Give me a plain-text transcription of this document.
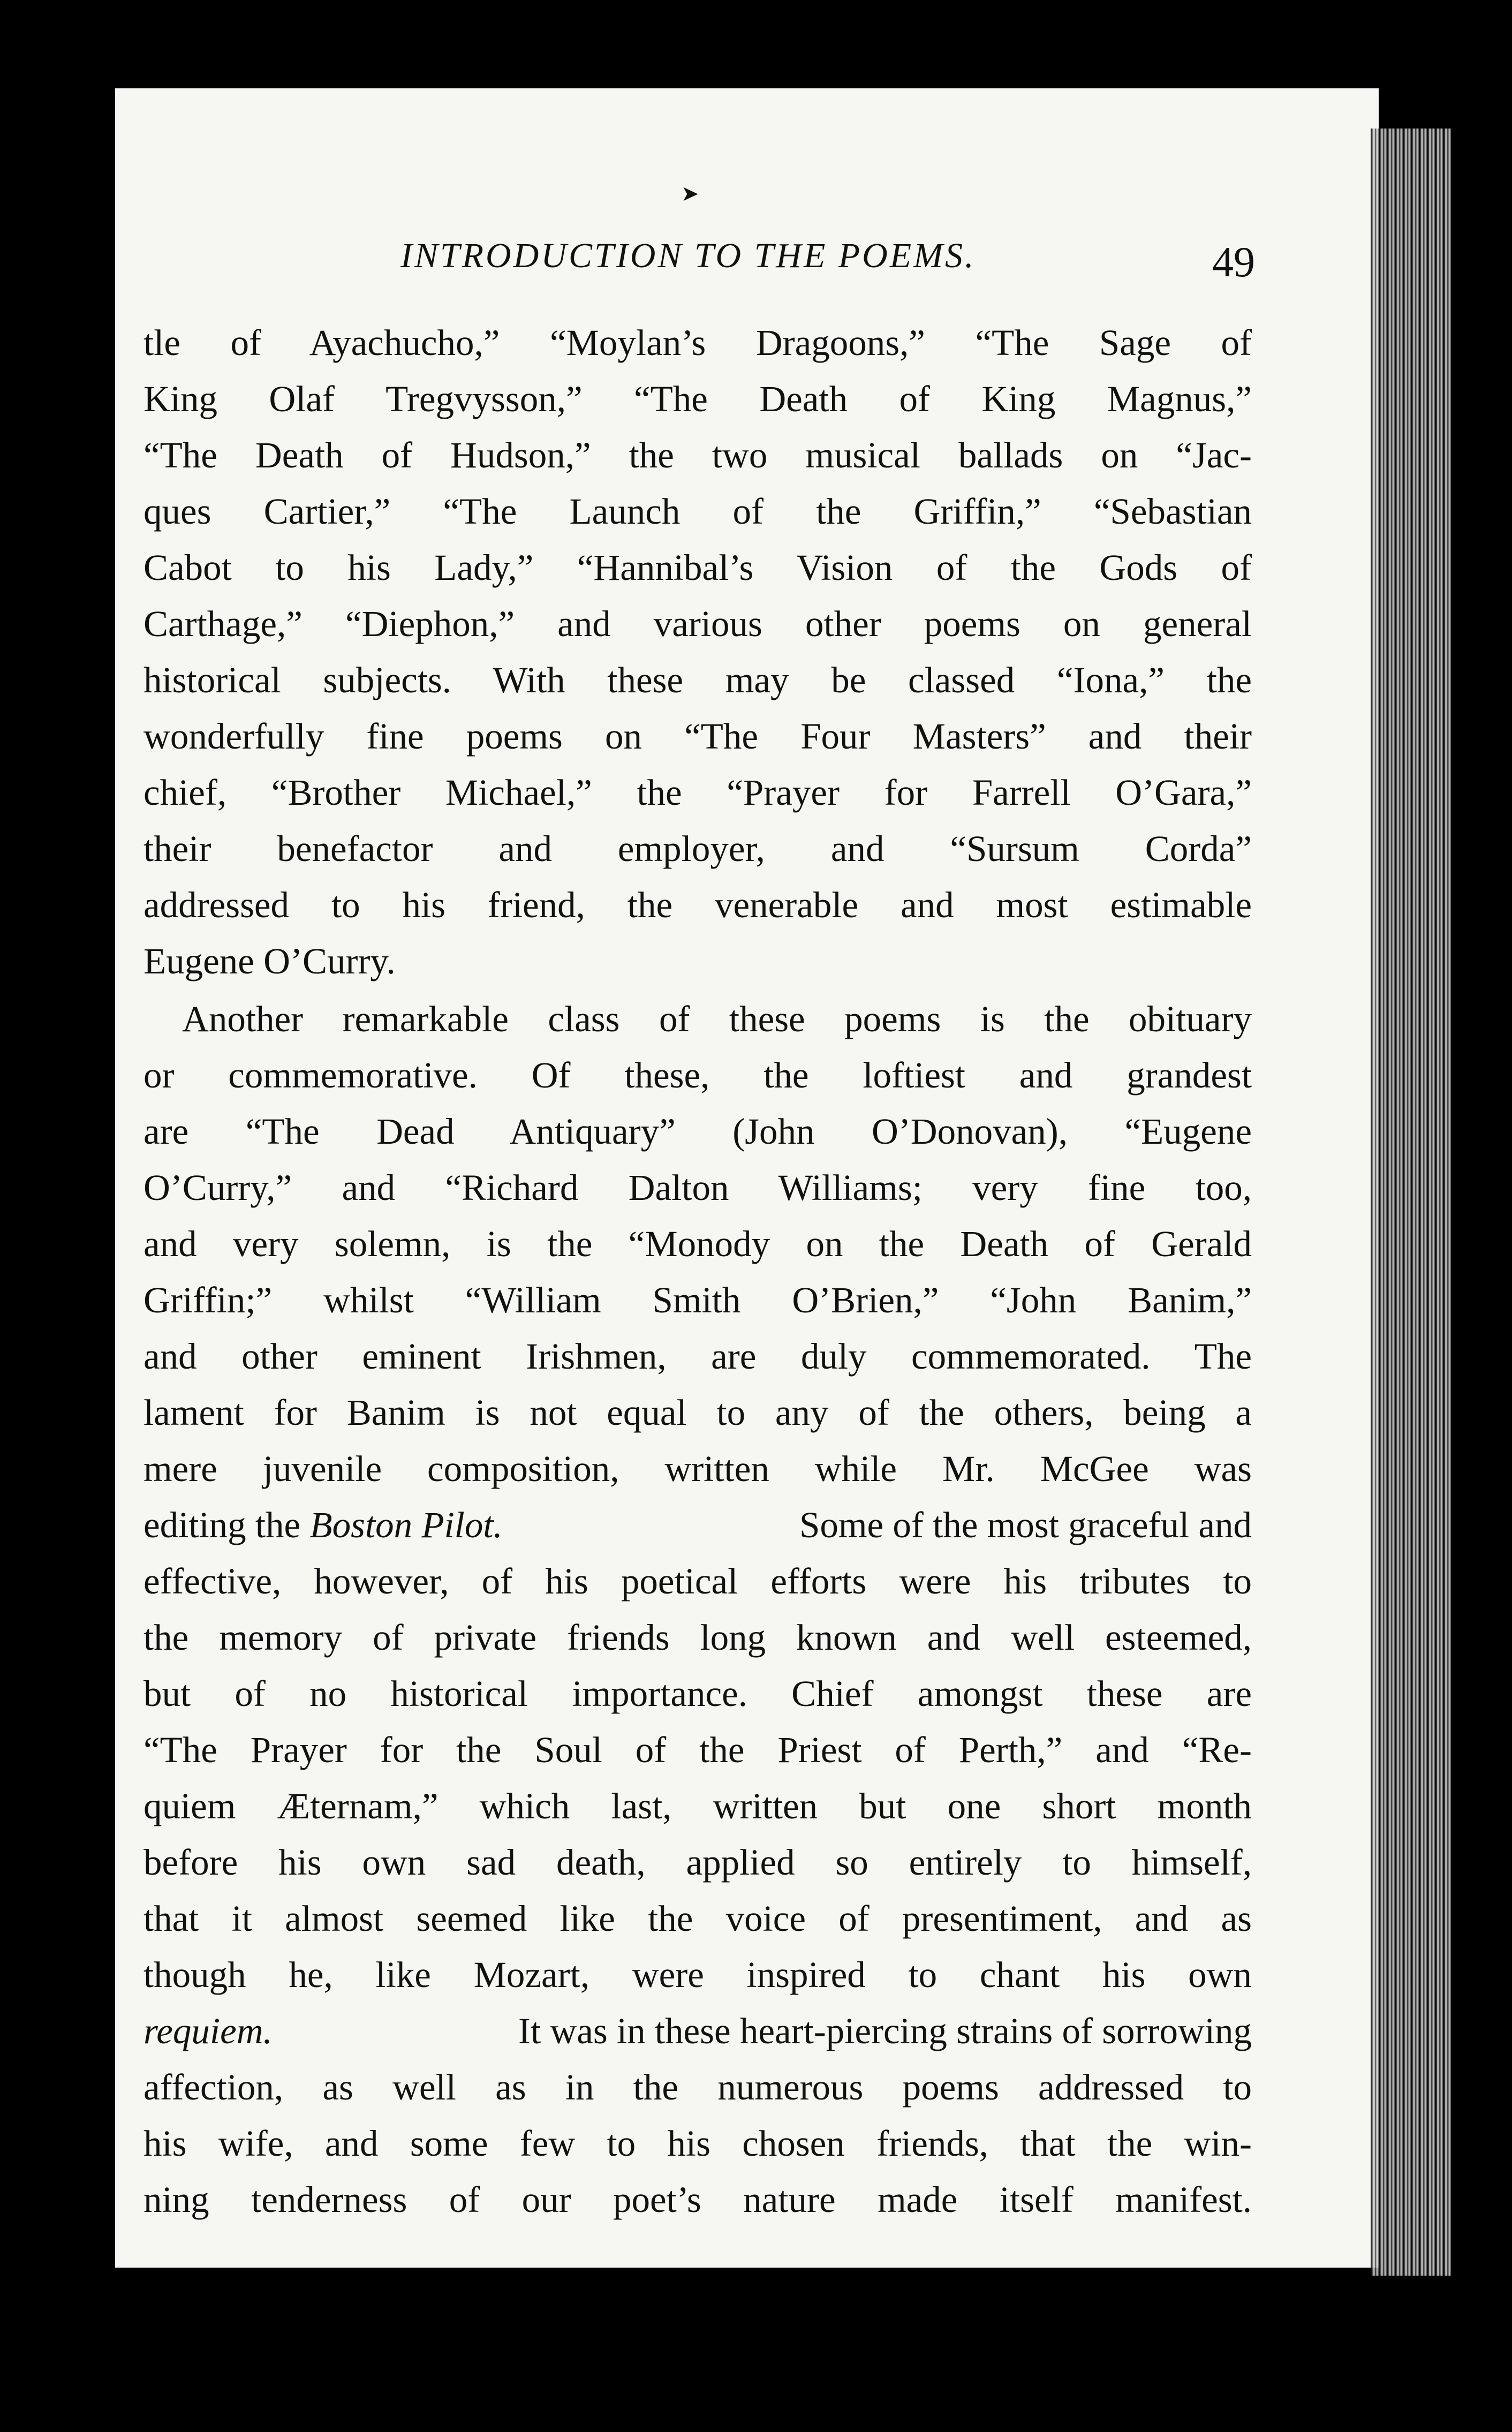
➤
INTRODUCTION TO THE POEMS.	49
tle of Ayachucho,” “Moylan’s Dragoons,” “The Sage of
King Olaf Tregvysson,” “The Death of King Magnus,”
“The Death of Hudson,” the two musical ballads on “Jac-
ques Cartier,” “The Launch of the Griffin,” “Sebastian
Cabot to his Lady,” “Hannibal’s Vision of the Gods of
Carthage,” “Diephon,” and various other poems on general
historical subjects. With these may be classed “Iona,” the
wonderfully fine poems on “The Four Masters” and their
chief, “Brother Michael,” the “Prayer for Farrell O’Gara,”
their benefactor and employer, and “Sursum Corda”
addressed to his friend, the venerable and most estimable
Eugene O’Curry.
Another remarkable class of these poems is the obituary
or commemorative. Of these, the loftiest and grandest
are “The Dead Antiquary” (John O’Donovan), “Eugene
O’Curry,” and “Richard Dalton Williams; very fine too,
and very solemn, is the “Monody on the Death of Gerald
Griffin;” whilst “William Smith O’Brien,” “John Banim,”
and other eminent Irishmen, are duly commemorated. The
lament for Banim is not equal to any of the others, being a
mere juvenile composition, written while Mr. McGee was
editing the Boston Pilot.	Some of the most graceful and
effective, however, of his poetical efforts were his tributes to
the memory of private friends long known and well esteemed,
but of no historical importance. Chief amongst these are
“The Prayer for the Soul of the Priest of Perth,” and “Re-
quiem Æternam,” which last, written but one short month
before his own sad death, applied so entirely to himself,
that it almost seemed like the voice of presentiment, and as
though he, like Mozart, were inspired to chant his own
requiem.	It was in these heart-piercing strains of sorrowing
affection, as well as in the numerous poems addressed to
his wife, and some few to his chosen friends, that the win-
ning tenderness of our poet’s nature made itself manifest.
